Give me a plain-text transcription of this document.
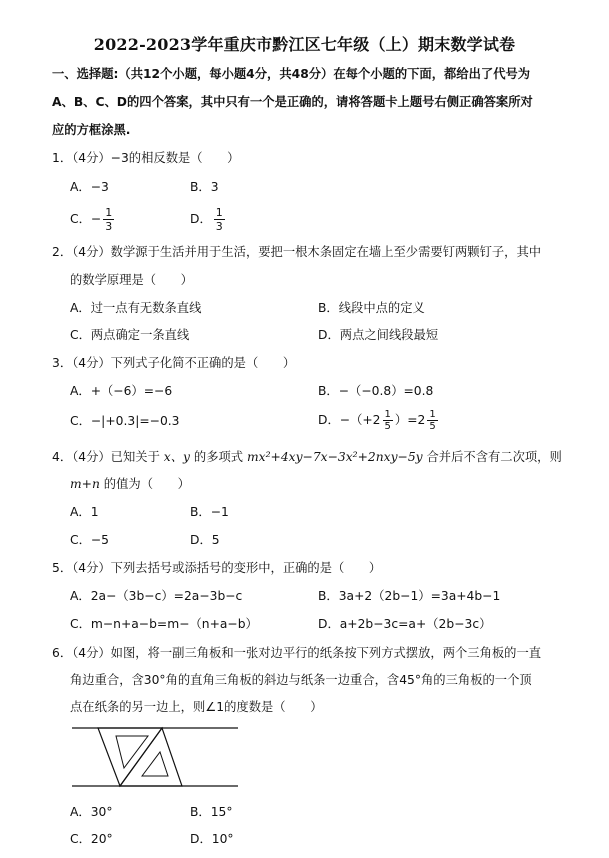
2022-2023学年重庆市黔江区七年级（上）期末数学试卷
一、选择题:（共12个小题，每小题4分，共48分）在每个小题的下面，都给出了代号为
A、B、C、D的四个答案，其中只有一个是正确的，请将答题卡上题号右侧正确答案所对
应的方框涂黑.
1．（4分）−3的相反数是（　　）
A．−3	B．3
C．− $\frac{1}{3}$	D． $\frac{1}{3}$
2．（4分）数学源于生活并用于生活，要把一根木条固定在墙上至少需要钉两颗钉子，其中
的数学原理是（　　）
A．过一点有无数条直线	B．线段中点的定义
C．两点确定一条直线	D．两点之间线段最短
3．（4分）下列式子化简不正确的是（　　）
A．+（−6）=−6	B．−（−0.8）=0.8
C．−|+0.3|=−0.3	D．$-(+2 \frac{1}{5} )=2 \frac{1}{5}$
4．（4分）已知关于 x、y 的多项式 mx²+4xy−7x−3x²+2nxy−5y 合并后不含有二次项，则
m+n 的值为（　　）
A．1	B．−1
C．−5	D．5
5．（4分）下列去括号或添括号的变形中，正确的是（　　）
A．2a−（3b−c）=2a−3b−c	B．3a+2（2b−1）=3a+4b−1
C．m−n+a−b=m−（n+a−b）	D．a+2b−3c=a+（2b−3c）
6．（4分）如图，将一副三角板和一张对边平行的纸条按下列方式摆放，两个三角板的一直
角边重合，含30°角的直角三角板的斜边与纸条一边重合，含45°角的三角板的一个顶
点在纸条的另一边上，则∠1的度数是（　　）
A．30°	B．15°
C．20°	D．10°
